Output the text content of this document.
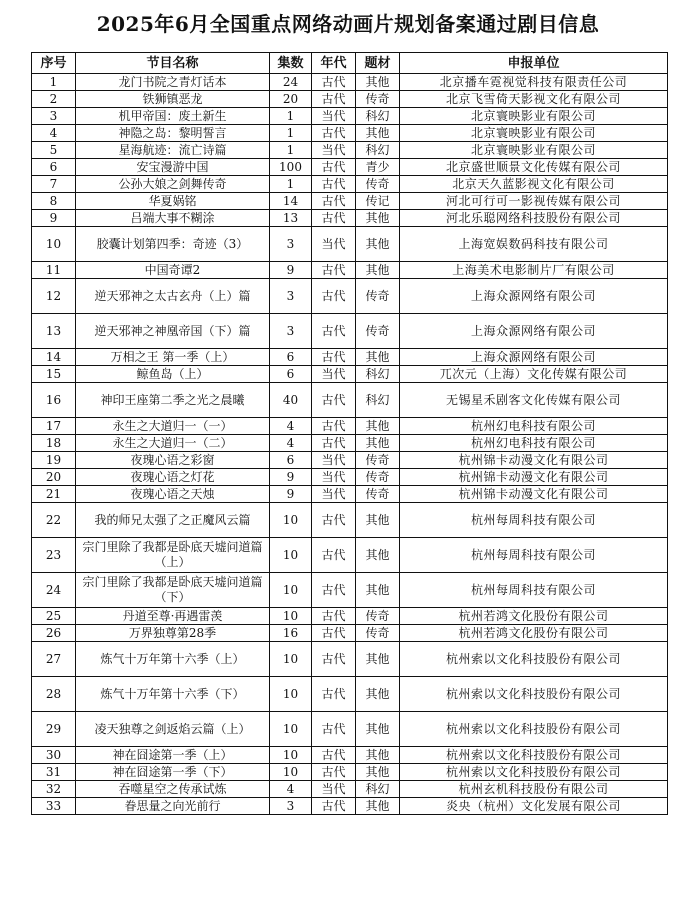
2025年6月全国重点网络动画片规划备案通过剧目信息
序号	节目名称	集数	年代	题材	申报单位
1	龙门书院之青灯话本	24	古代	其他	北京播车霓视觉科技有限责任公司
2	铁狮镇恶龙	20	古代	传奇	北京飞雪倚天影视文化有限公司
3	机甲帝国：废土新生	1	当代	科幻	北京寰映影业有限公司
4	神隐之岛：黎明誓言	1	古代	其他	北京寰映影业有限公司
5	星海航迹：流亡诗篇	1	当代	科幻	北京寰映影业有限公司
6	安宝漫游中国	100	古代	青少	北京盛世顺景文化传媒有限公司
7	公孙大娘之剑舞传奇	1	古代	传奇	北京天久蓝影视文化有限公司
8	华夏娲铭	14	古代	传记	河北可行可一影视传媒有限公司
9	吕端大事不糊涂	13	古代	其他	河北乐聪网络科技股份有限公司
10	胶囊计划第四季：奇迹（3）	3	当代	其他	上海宽娱数码科技有限公司
11	中国奇谭2	9	古代	其他	上海美术电影制片厂有限公司
12	逆天邪神之太古玄舟（上）篇	3	古代	传奇	上海众源网络有限公司
13	逆天邪神之神凰帝国（下）篇	3	古代	传奇	上海众源网络有限公司
14	万相之王 第一季（上）	6	古代	其他	上海众源网络有限公司
15	鲸鱼岛（上）	6	当代	科幻	兀次元（上海）文化传媒有限公司
16	神印王座第二季之光之晨曦	40	古代	科幻	无锡星禾剧客文化传媒有限公司
17	永生之大道归一（一）	4	古代	其他	杭州幻电科技有限公司
18	永生之大道归一（二）	4	古代	其他	杭州幻电科技有限公司
19	夜瑰心语之彩窗	6	当代	传奇	杭州锦卡动漫文化有限公司
20	夜瑰心语之灯花	9	当代	传奇	杭州锦卡动漫文化有限公司
21	夜瑰心语之天烛	9	当代	传奇	杭州锦卡动漫文化有限公司
22	我的师兄太强了之正魔风云篇	10	古代	其他	杭州每周科技有限公司
23	宗门里除了我都是卧底天墟问道篇（上）	10	古代	其他	杭州每周科技有限公司
24	宗门里除了我都是卧底天墟问道篇（下）	10	古代	其他	杭州每周科技有限公司
25	丹道至尊·再遇雷羡	10	古代	传奇	杭州若鸿文化股份有限公司
26	万界独尊第28季	16	古代	传奇	杭州若鸿文化股份有限公司
27	炼气十万年第十六季（上）	10	古代	其他	杭州索以文化科技股份有限公司
28	炼气十万年第十六季（下）	10	古代	其他	杭州索以文化科技股份有限公司
29	凌天独尊之剑返焰云篇（上）	10	古代	其他	杭州索以文化科技股份有限公司
30	神在囧途第一季（上）	10	古代	其他	杭州索以文化科技股份有限公司
31	神在囧途第一季（下）	10	古代	其他	杭州索以文化科技股份有限公司
32	吞噬星空之传承试炼	4	当代	科幻	杭州玄机科技股份有限公司
33	眷思量之向光前行	3	古代	其他	炎央（杭州）文化发展有限公司
